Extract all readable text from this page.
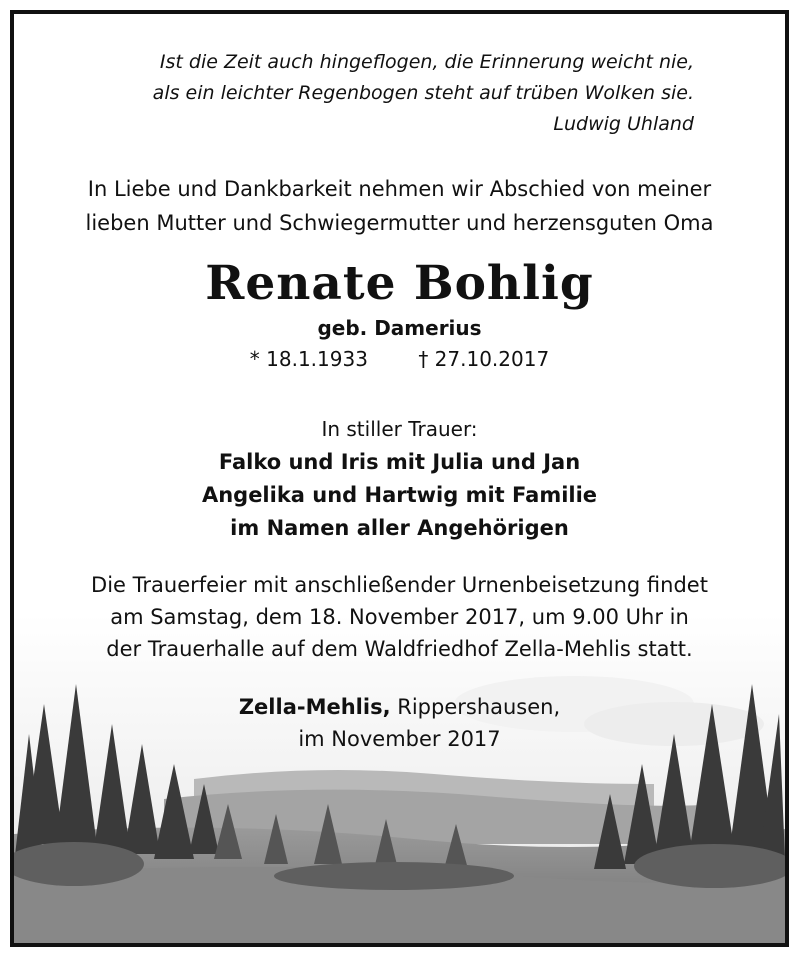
Ist die Zeit auch hingeflogen, die Erinnerung weicht nie,
als ein leichter Regenbogen steht auf trüben Wolken sie.
Ludwig Uhland
In Liebe und Dankbarkeit nehmen wir Abschied von meiner
lieben Mutter und Schwiegermutter und herzensguten Oma
Renate Bohlig
geb. Damerius
* 18.1.1933	† 27.10.2017
In stiller Trauer:
Falko und Iris mit Julia und Jan
Angelika und Hartwig mit Familie
im Namen aller Angehörigen
Die Trauerfeier mit anschließender Urnenbeisetzung findet
am Samstag, dem 18. November 2017, um 9.00 Uhr in
der Trauerhalle auf dem Waldfriedhof Zella-Mehlis statt.
Zella-Mehlis, Rippershausen,
im November 2017
